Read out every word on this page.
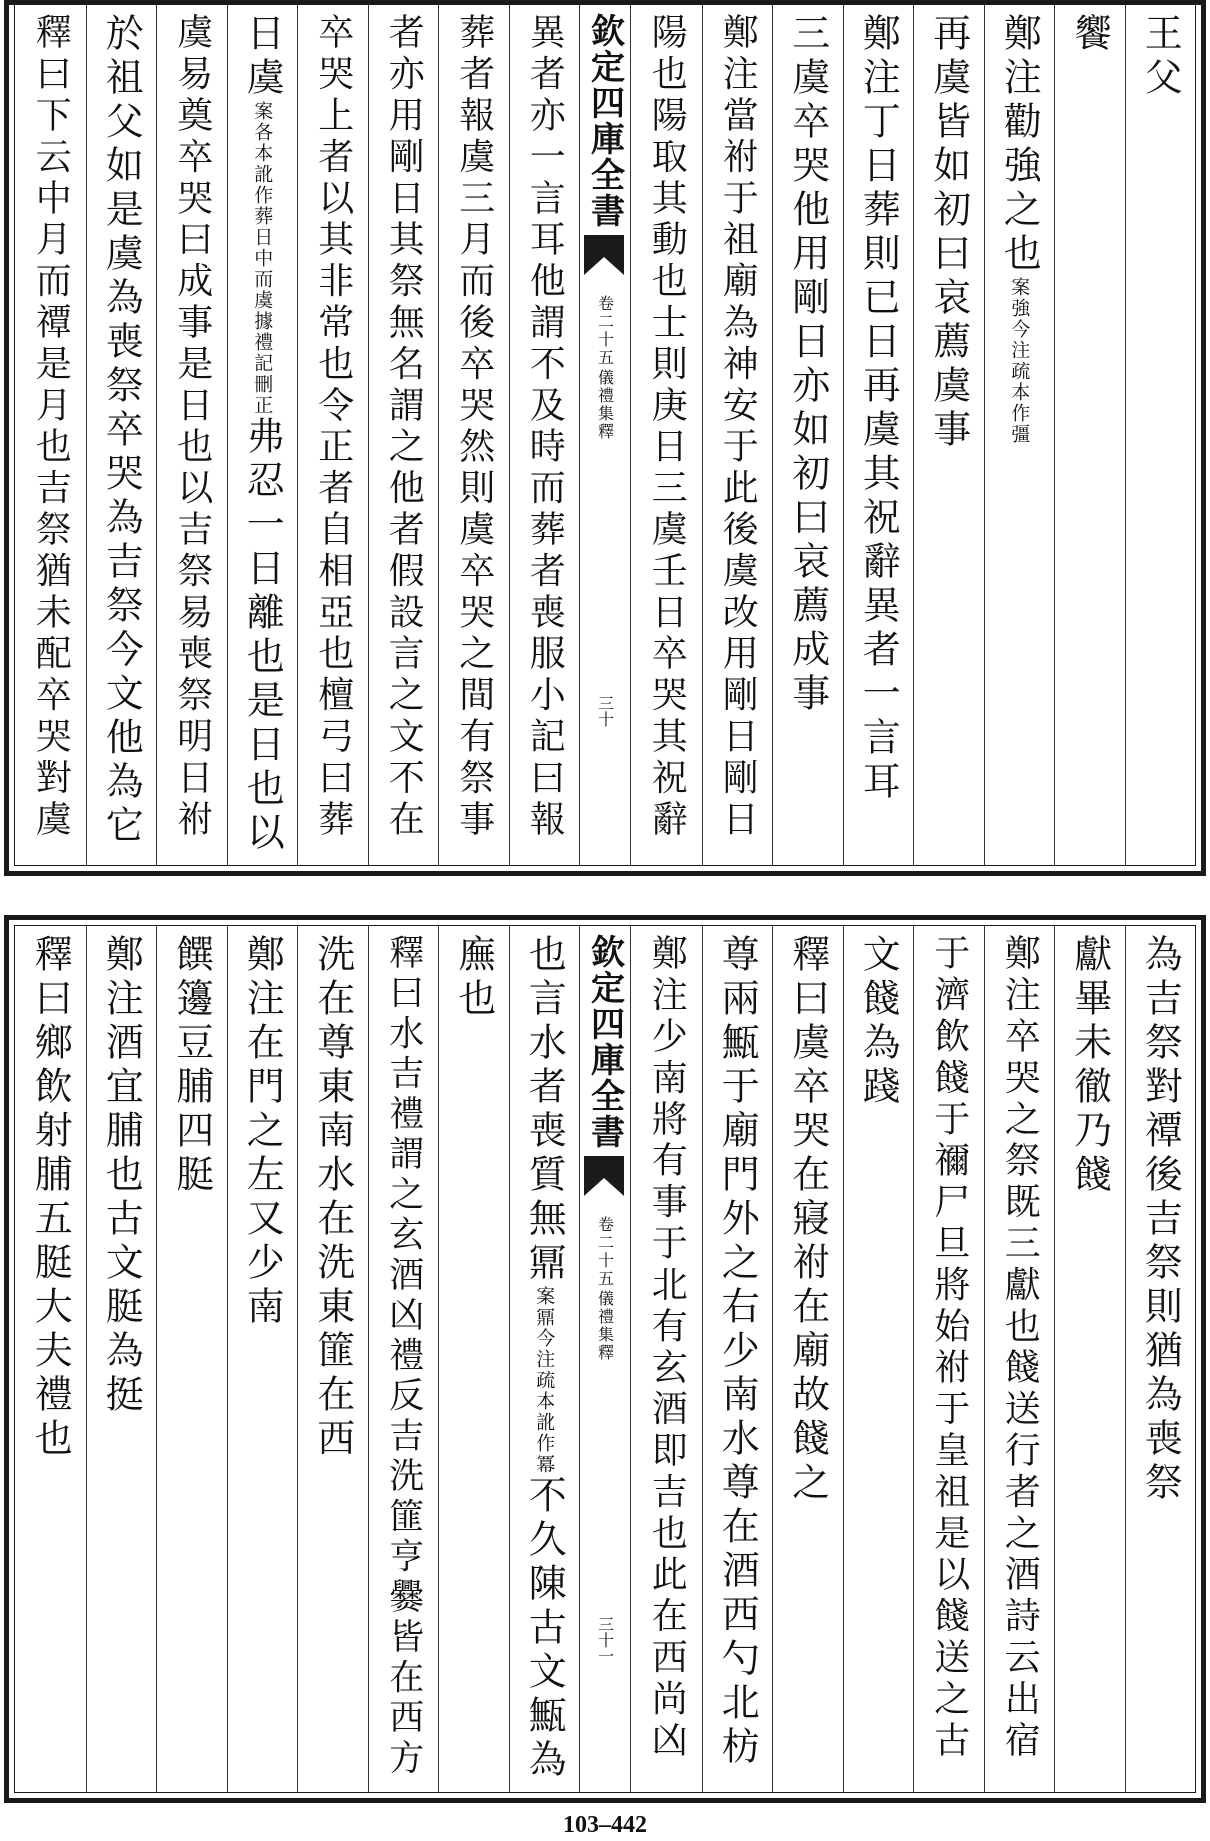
王父
饗
鄭注勸強之也案強今注疏本作彊
再虞皆如初曰哀薦虞事
鄭注丁日葬則已日再虞其祝辭異者一言耳
三虞卒哭他用剛日亦如初曰哀薦成事
鄭注當祔于祖廟為神安于此後虞改用剛日剛日
陽也陽取其動也士則庚日三虞壬日卒哭其祝辭
欽定四庫全書
卷二十五
儀禮集釋
三十
異者亦一言耳他謂不及時而葬者喪服小記曰報
葬者報虞三月而後卒哭然則虞卒哭之間有祭事
者亦用剛日其祭無名謂之他者假設言之文不在
卒哭上者以其非常也令正者自相亞也檀弓曰葬
日虞案各本訛作葬日中而虞據禮記刪正弗忍一日離也是日也以
虞易奠卒哭曰成事是日也以吉祭易喪祭明日祔
於祖父如是虞為喪祭卒哭為吉祭今文他為它
釋曰下云中月而禫是月也吉祭猶未配卒哭對虞
為吉祭對禫後吉祭則猶為喪祭
獻畢未徹乃餞
鄭注卒哭之祭既三獻也餞送行者之酒詩云出宿
于濟飲餞于禰尸旦將始祔于皇祖是以餞送之古
文餞為踐
釋曰虞卒哭在寢祔在廟故餞之
尊兩甒于廟門外之右少南水尊在酒西勺北枋
鄭注少南將有事于北有玄酒即吉也此在西尚凶
欽定四庫全書
卷二十五
儀禮集釋
三十一
也言水者喪質無鼏案鼏今注疏本訛作冪不久陳古文甒為
廡也
釋曰水吉禮謂之玄酒凶禮反吉洗篚亨爨皆在西方
洗在尊東南水在洗東篚在西
鄭注在門之左又少南
饌籩豆脯四脡
鄭注酒宜脯也古文脡為挺
釋曰鄉飲射脯五脡大夫禮也
103–442
